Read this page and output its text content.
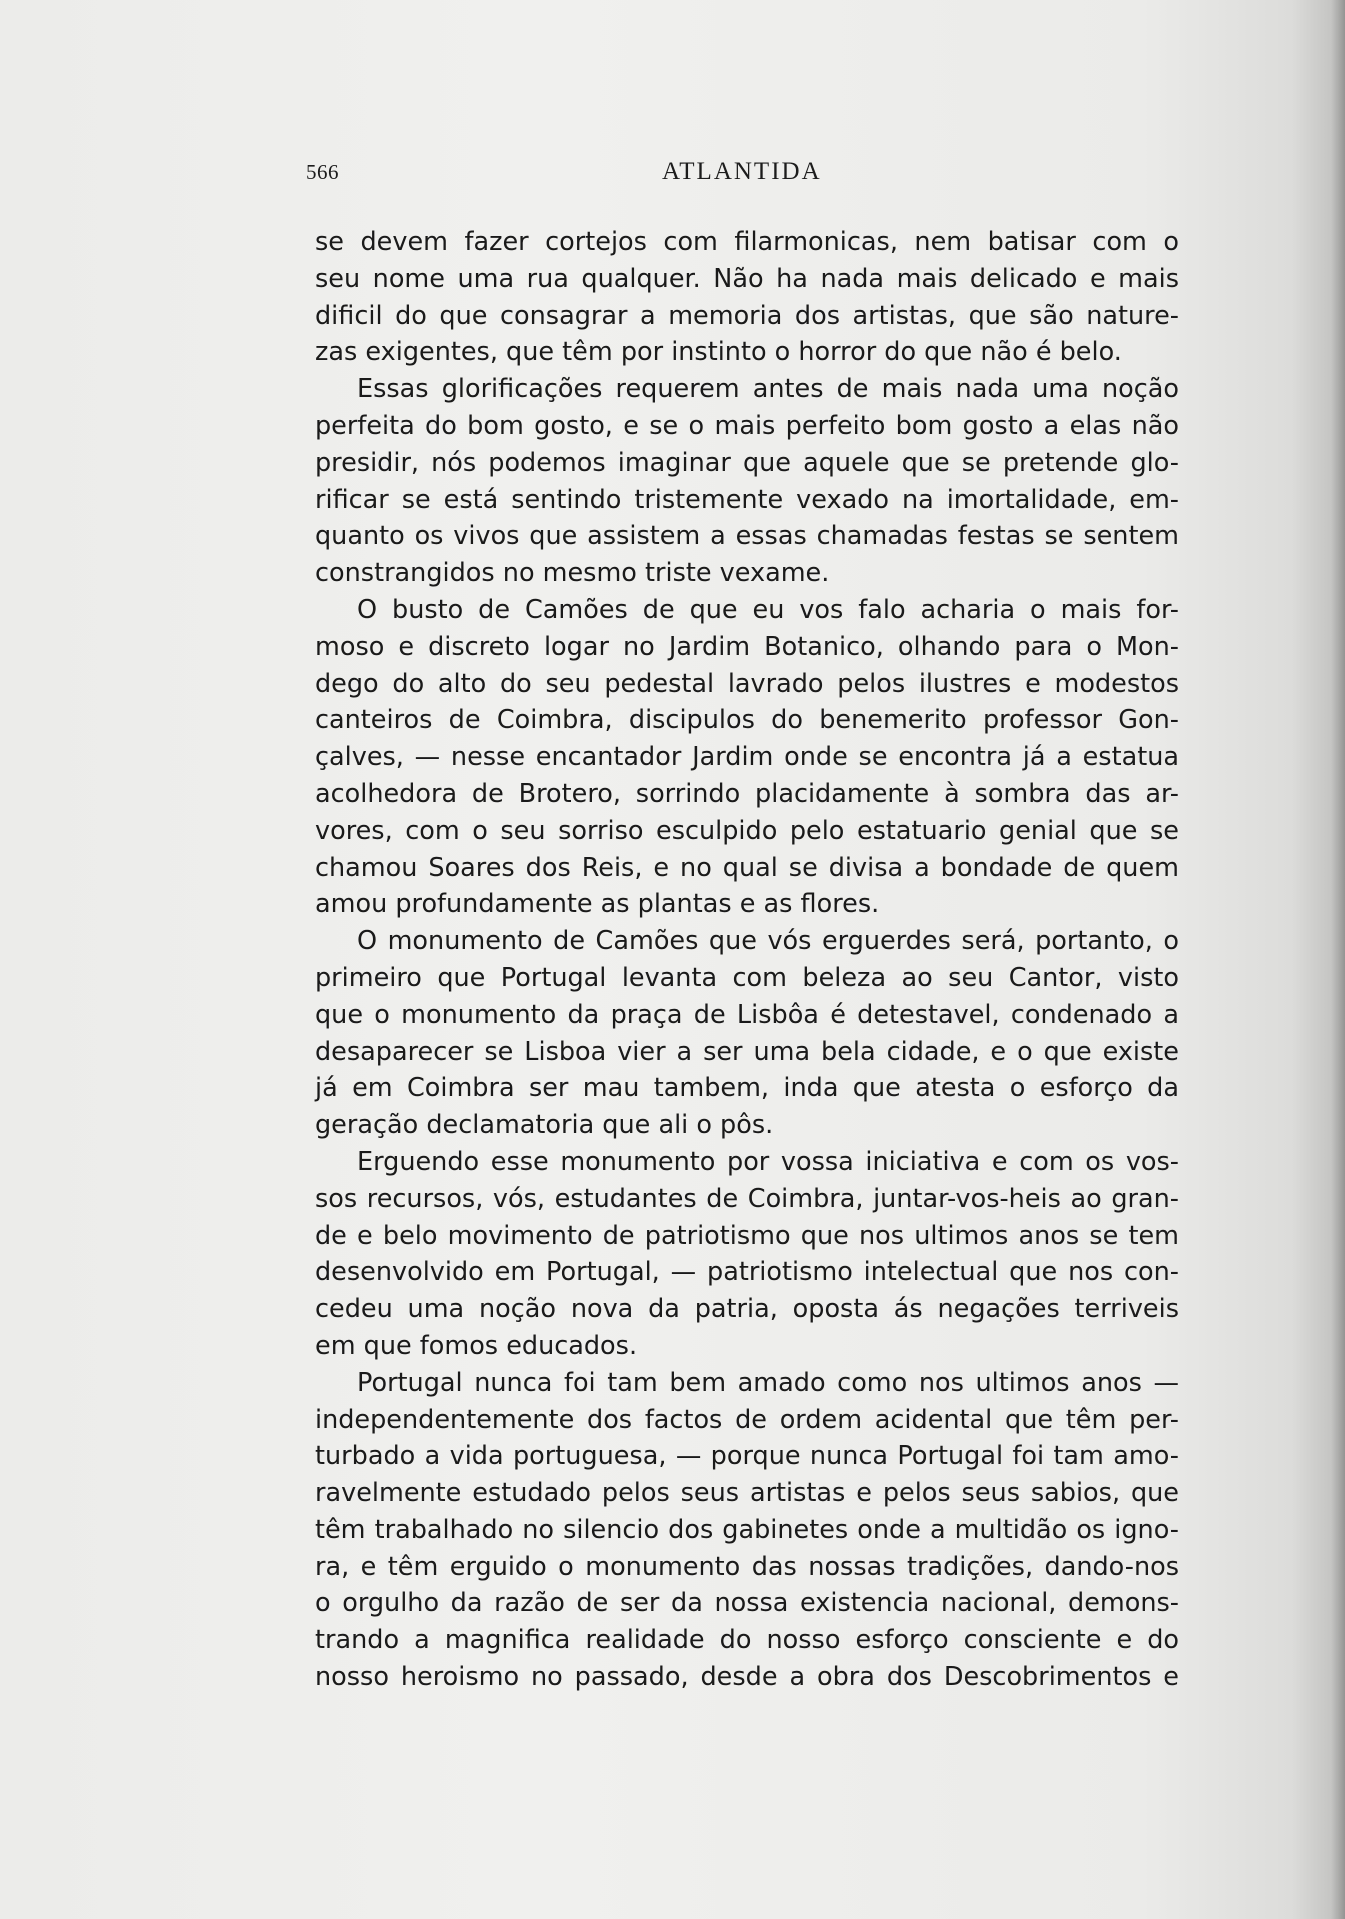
566	ATLANTIDA
se devem fazer cortejos com filarmonicas, nem batisar com o
seu nome uma rua qualquer. Não ha nada mais delicado e mais
dificil do que consagrar a memoria dos artistas, que são nature-
zas exigentes, que têm por instinto o horror do que não é belo.
Essas glorificações requerem antes de mais nada uma noção
perfeita do bom gosto, e se o mais perfeito bom gosto a elas não
presidir, nós podemos imaginar que aquele que se pretende glo-
rificar se está sentindo tristemente vexado na imortalidade, em-
quanto os vivos que assistem a essas chamadas festas se sentem
constrangidos no mesmo triste vexame.
O busto de Camões de que eu vos falo acharia o mais for-
moso e discreto logar no Jardim Botanico, olhando para o Mon-
dego do alto do seu pedestal lavrado pelos ilustres e modestos
canteiros de Coimbra, discipulos do benemerito professor Gon-
çalves, — nesse encantador Jardim onde se encontra já a estatua
acolhedora de Brotero, sorrindo placidamente à sombra das ar-
vores, com o seu sorriso esculpido pelo estatuario genial que se
chamou Soares dos Reis, e no qual se divisa a bondade de quem
amou profundamente as plantas e as flores.
O monumento de Camões que vós erguerdes será, portanto, o
primeiro que Portugal levanta com beleza ao seu Cantor, visto
que o monumento da praça de Lisbôa é detestavel, condenado a
desaparecer se Lisboa vier a ser uma bela cidade, e o que existe
já em Coimbra ser mau tambem, inda que atesta o esforço da
geração declamatoria que ali o pôs.
Erguendo esse monumento por vossa iniciativa e com os vos-
sos recursos, vós, estudantes de Coimbra, juntar-vos-heis ao gran-
de e belo movimento de patriotismo que nos ultimos anos se tem
desenvolvido em Portugal, — patriotismo intelectual que nos con-
cedeu uma noção nova da patria, oposta ás negações terriveis
em que fomos educados.
Portugal nunca foi tam bem amado como nos ultimos anos —
independentemente dos factos de ordem acidental que têm per-
turbado a vida portuguesa, — porque nunca Portugal foi tam amo-
ravelmente estudado pelos seus artistas e pelos seus sabios, que
têm trabalhado no silencio dos gabinetes onde a multidão os igno-
ra, e têm erguido o monumento das nossas tradições, dando-nos
o orgulho da razão de ser da nossa existencia nacional, demons-
trando a magnifica realidade do nosso esforço consciente e do
nosso heroismo no passado, desde a obra dos Descobrimentos e
